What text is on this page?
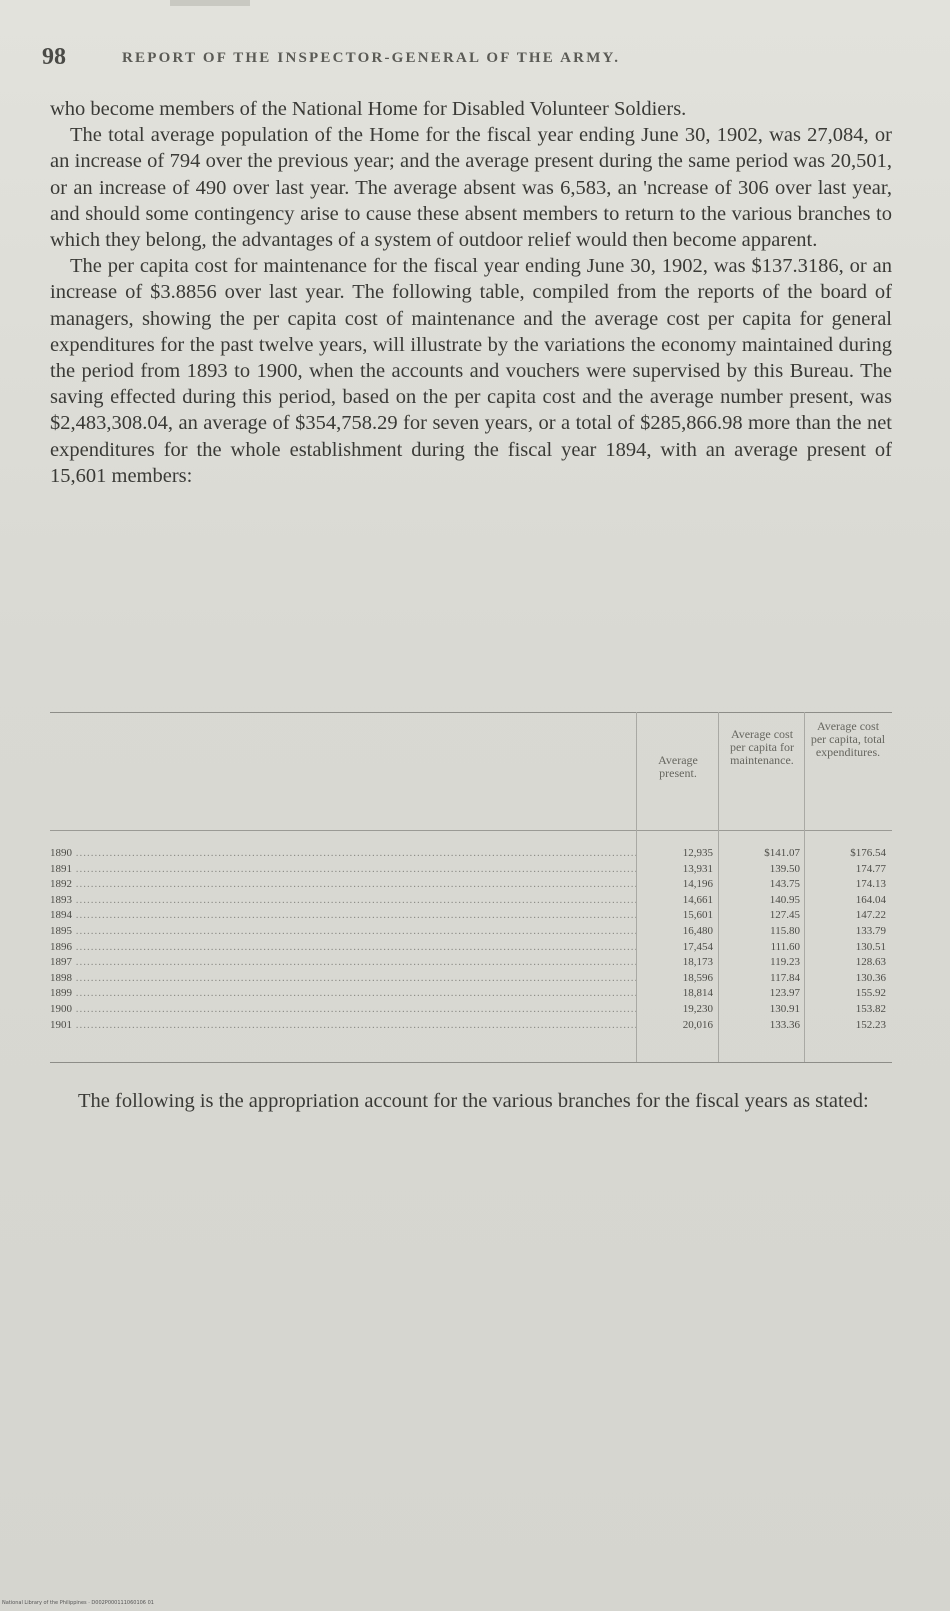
98	REPORT OF THE INSPECTOR-GENERAL OF THE ARMY.

who become members of the National Home for Disabled Volunteer Soldiers.

The total average population of the Home for the fiscal year ending June 30, 1902, was 27,084, or an increase of 794 over the previous year; and the average present during the same period was 20,501, or an increase of 490 over last year. The average absent was 6,583, an 'ncrease of 306 over last year, and should some contingency arise to cause these absent members to return to the various branches to which they belong, the advantages of a system of outdoor relief would then become apparent.

The per capita cost for maintenance for the fiscal year ending June 30, 1902, was $137.3186, or an increase of $3.8856 over last year. The following table, compiled from the reports of the board of managers, showing the per capita cost of maintenance and the average cost per capita for general expenditures for the past twelve years, will illustrate by the variations the economy maintained during the period from 1893 to 1900, when the accounts and vouchers were supervised by this Bureau. The saving effected during this period, based on the per capita cost and the average number present, was $2,483,308.04, an average of $354,758.29 for seven years, or a total of $285,866.98 more than the net expenditures for the whole establishment during the fiscal year 1894, with an average present of 15,601 members:

Average present.
Average cost per capita for maintenance.
Average cost per capita, total expenditures.
1890 .....	12,935	$141.07	$176.54
1891 .....	13,931	139.50	174.77
1892 .....	14,196	143.75	174.13
1893 .....	14,661	140.95	164.04
1894 .....	15,601	127.45	147.22
1895 .....	16,480	115.80	133.79
1896 .....	17,454	111.60	130.51
1897 .....	18,173	119.23	128.63
1898 .....	18,596	117.84	130.36
1899 .....	18,814	123.97	155.92
1900 .....	19,230	130.91	153.82
1901 .....	20,016	133.36	152.23

The following is the appropriation account for the various branches for the fiscal years as stated:

National Library of the Philippines · D002P000111060106 01
